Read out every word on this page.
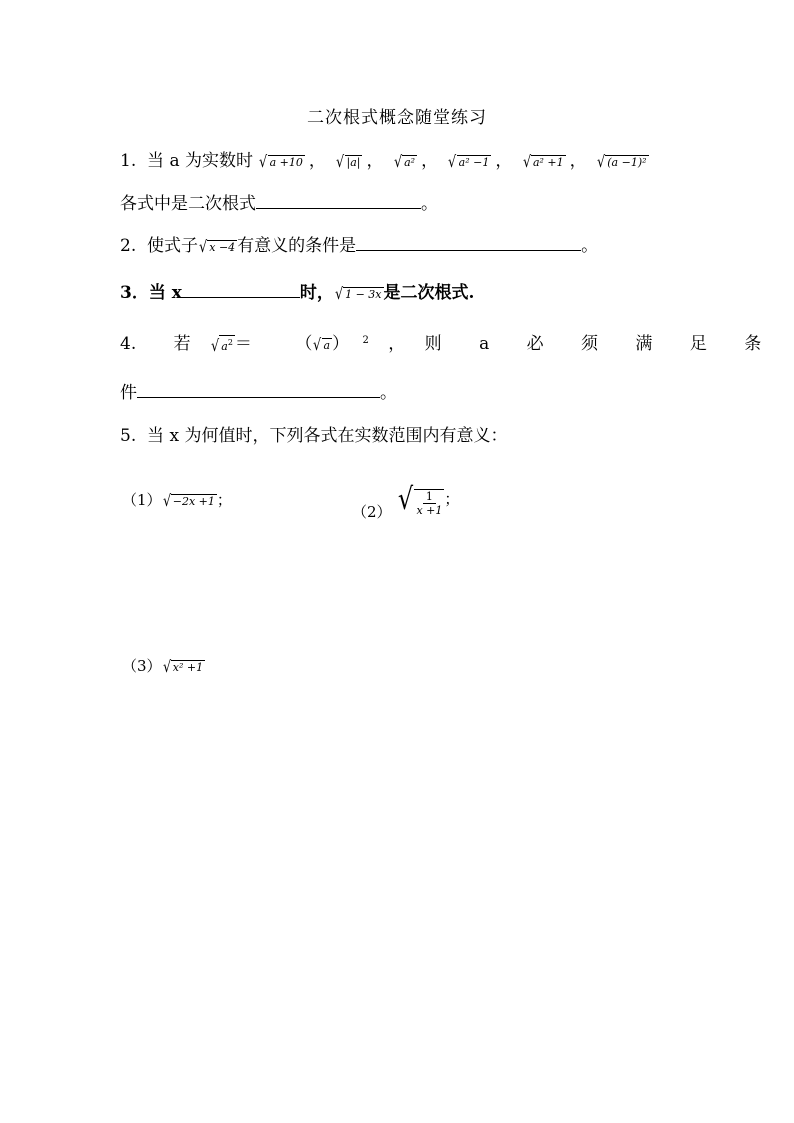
二次根式概念随堂练习
1. 当 a 为实数时 √ a +10 ， √ |a| ， √ a² ， √ a² −1 ， √ a² +1 ， √ (a −1)²
各式中是二次根式	。
2. 使式子 √ x −4 有意义的条件是	。
3．当 x	时， √ 1 − 3x 是二次根式.
4. 若 √ $a^2$ ＝	（ √ a ） $^2$ ， 则 a 必 须 满 足 条
件	。
5. 当 x 为何值时，下列各式在实数范围内有意义：
（1） √ −2x +1 ；
（2） √ $\frac{1}{x +1}$ ；
（3） √ x² +1
